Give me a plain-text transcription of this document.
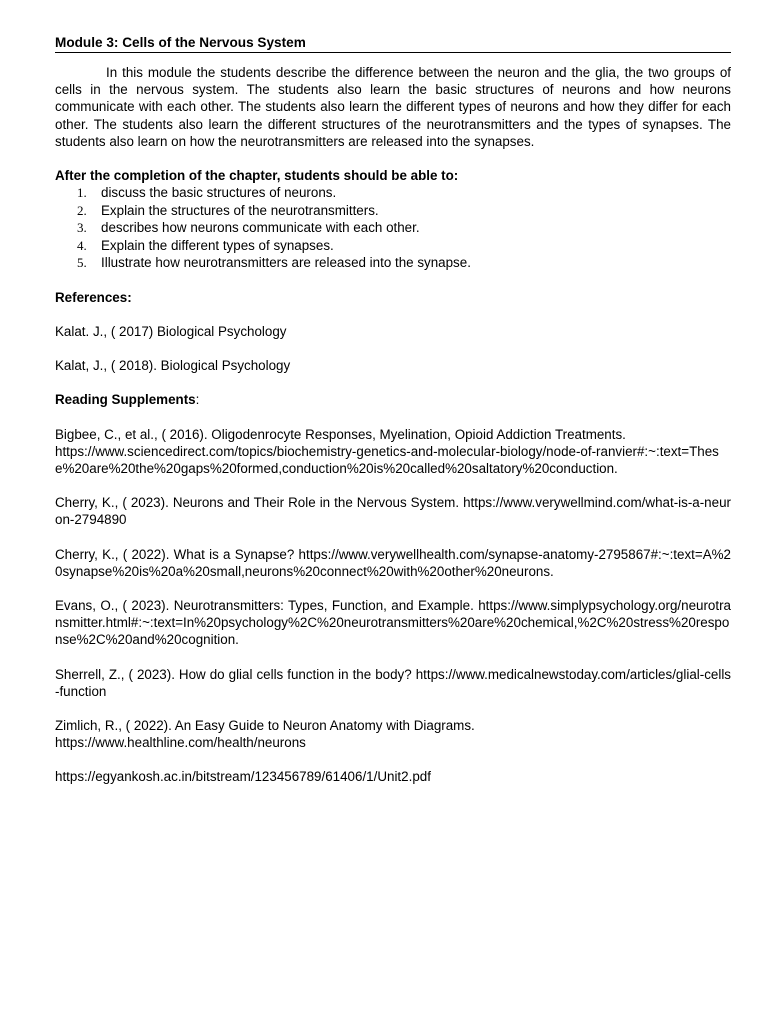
Module 3: Cells of the Nervous System
In this module the students describe the difference between the neuron and the glia, the two groups of cells in the nervous system. The students also learn the basic structures of neurons and how neurons communicate with each other. The students also learn the different types of neurons and how they differ for each other. The students also learn the different structures of the neurotransmitters and the types of synapses. The students also learn on how the neurotransmitters are released into the synapses.
After the completion of the chapter, students should be able to:
1. discuss the basic structures of neurons.
2. Explain the structures of the neurotransmitters.
3. describes how neurons communicate with each other.
4. Explain the different types of synapses.
5. Illustrate how neurotransmitters are released into the synapse.
References:
Kalat. J., ( 2017) Biological Psychology
Kalat, J., ( 2018). Biological Psychology
Reading Supplements:
Bigbee, C., et al., ( 2016). Oligodenrocyte Responses, Myelination, Opioid Addiction Treatments.
https://www.sciencedirect.com/topics/biochemistry-genetics-and-molecular-biology/node-of-ranvier#:~:text=These%20are%20the%20gaps%20formed,conduction%20is%20called%20saltatory%20conduction.
Cherry, K., ( 2023). Neurons and Their Role in the Nervous System. https://www.verywellmind.com/what-is-a-neuron-2794890
Cherry, K., ( 2022). What is a Synapse? https://www.verywellhealth.com/synapse-anatomy-2795867#:~:text=A%20synapse%20is%20a%20small,neurons%20connect%20with%20other%20neurons.
Evans, O., ( 2023). Neurotransmitters: Types, Function, and Example. https://www.simplypsychology.org/neurotransmitter.html#:~:text=In%20psychology%2C%20neurotransmitters%20are%20chemical,%2C%20stress%20response%2C%20and%20cognition.
Sherrell, Z., ( 2023). How do glial cells function in the body? https://www.medicalnewstoday.com/articles/glial-cells-function
Zimlich, R., ( 2022). An Easy Guide to Neuron Anatomy with Diagrams.
https://www.healthline.com/health/neurons
https://egyankosh.ac.in/bitstream/123456789/61406/1/Unit2.pdf
